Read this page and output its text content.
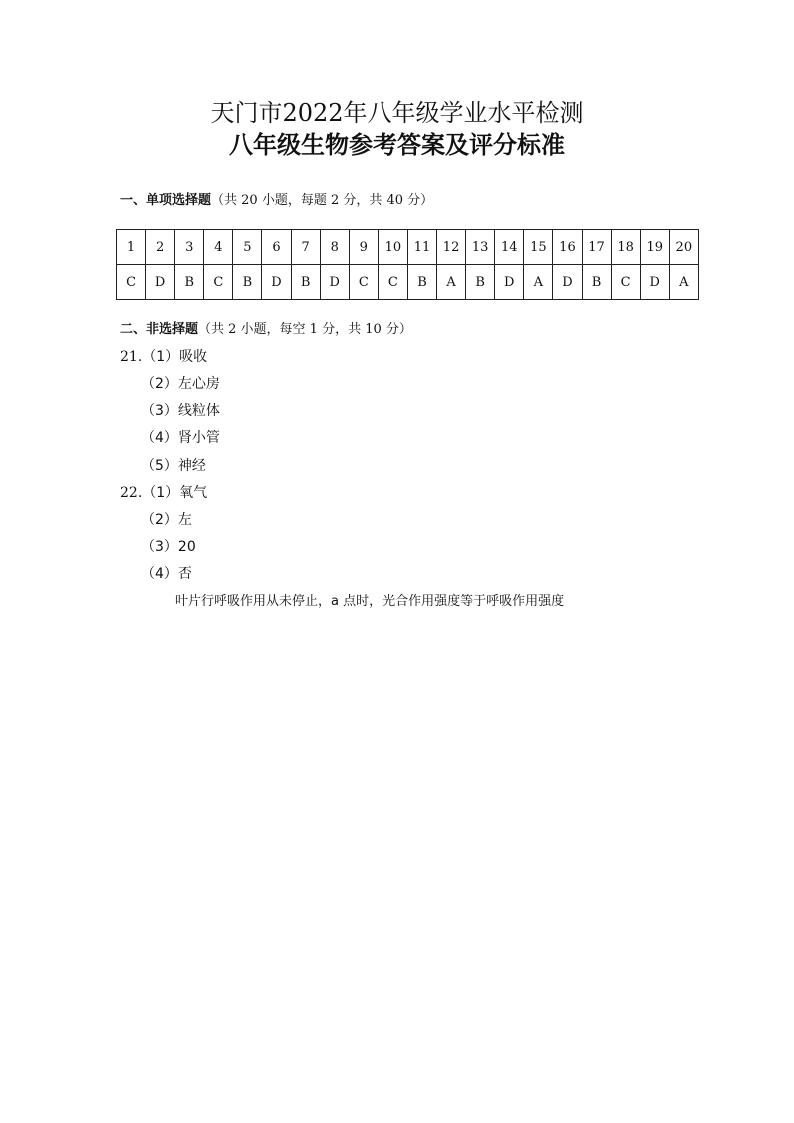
天门市2022年八年级学业水平检测
八年级生物参考答案及评分标准
一、单项选择题（共 20 小题，每题 2 分，共 40 分）
1	2	3	4	5	6	7	8	9	10	11	12	13	14	15	16	17	18	19	20
C	D	B	C	B	D	B	D	C	C	B	A	B	D	A	D	B	C	D	A
二、非选择题（共 2 小题，每空 1 分，共 10 分）
21.（1）吸收
（2）左心房
（3）线粒体
（4）肾小管
（5）神经
22.（1）氧气
（2）左
（3）20
（4）否
叶片行呼吸作用从未停止，a 点时，光合作用强度等于呼吸作用强度
